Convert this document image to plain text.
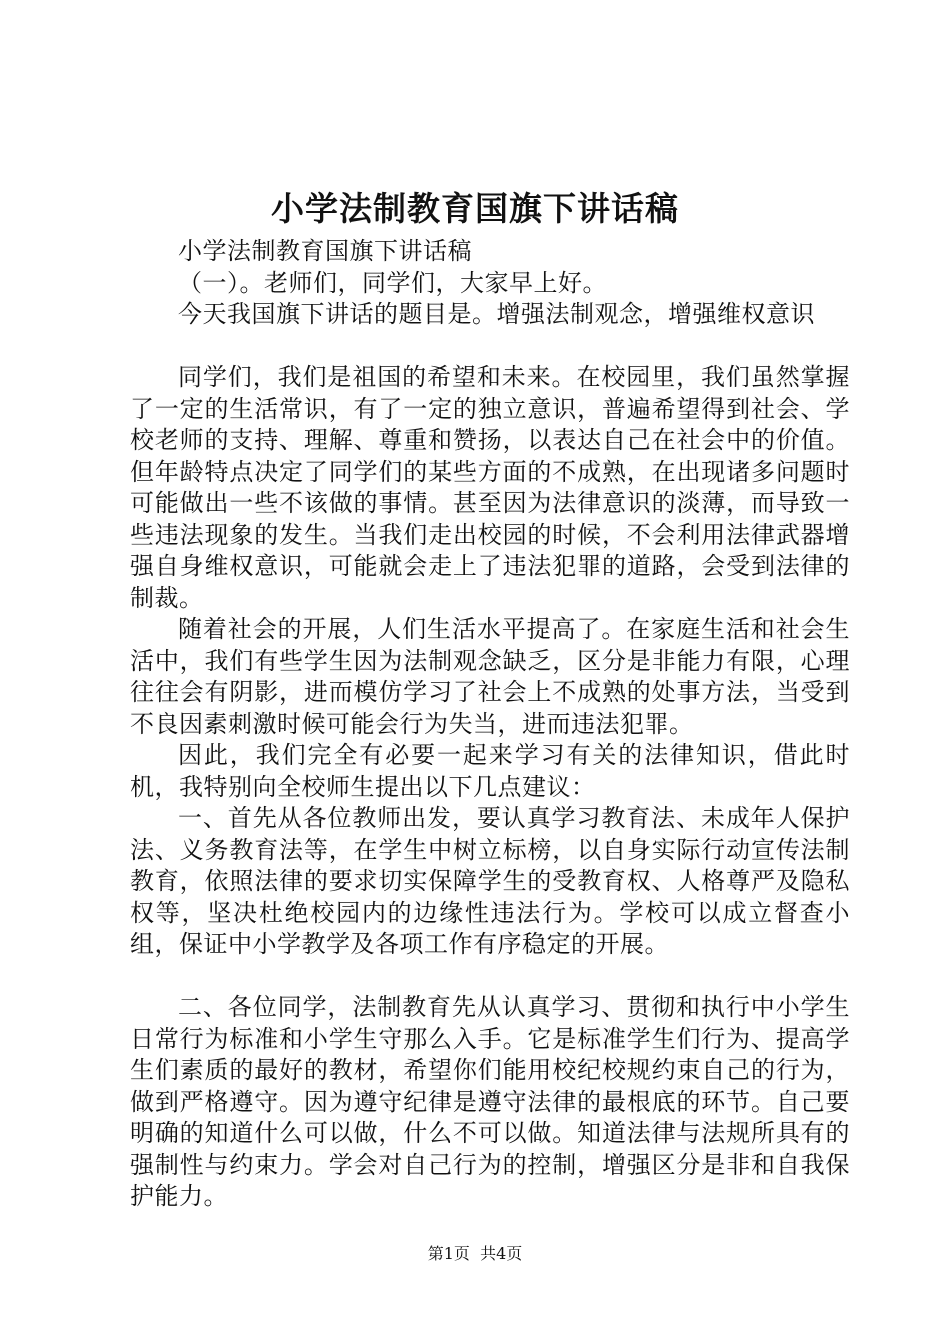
小学法制教育国旗下讲话稿

小学法制教育国旗下讲话稿

（一）。老师们，同学们，大家早上好。

今天我国旗下讲话的题目是。增强法制观念，增强维权意识

同学们，我们是祖国的希望和未来。在校园里，我们虽然掌握了一定的生活常识，有了一定的独立意识，普遍希望得到社会、学校老师的支持、理解、尊重和赞扬，以表达自己在社会中的价值。但年龄特点决定了同学们的某些方面的不成熟，在出现诸多问题时可能做出一些不该做的事情。甚至因为法律意识的淡薄，而导致一些违法现象的发生。当我们走出校园的时候，不会利用法律武器增强自身维权意识，可能就会走上了违法犯罪的道路，会受到法律的制裁。

随着社会的开展，人们生活水平提高了。在家庭生活和社会生活中，我们有些学生因为法制观念缺乏，区分是非能力有限，心理往往会有阴影，进而模仿学习了社会上不成熟的处事方法，当受到不良因素刺激时候可能会行为失当，进而违法犯罪。

因此，我们完全有必要一起来学习有关的法律知识，借此时机，我特别向全校师生提出以下几点建议：

一、首先从各位教师出发，要认真学习教育法、未成年人保护法、义务教育法等，在学生中树立标榜，以自身实际行动宣传法制教育，依照法律的要求切实保障学生的受教育权、人格尊严及隐私权等，坚决杜绝校园内的边缘性违法行为。学校可以成立督查小组，保证中小学教学及各项工作有序稳定的开展。

二、各位同学，法制教育先从认真学习、贯彻和执行中小学生日常行为标准和小学生守那么入手。它是标准学生们行为、提高学生们素质的最好的教材，希望你们能用校纪校规约束自己的行为，做到严格遵守。因为遵守纪律是遵守法律的最根底的环节。自己要明确的知道什么可以做，什么不可以做。知道法律与法规所具有的强制性与约束力。学会对自己行为的控制，增强区分是非和自我保护能力。

第1页 共4页
